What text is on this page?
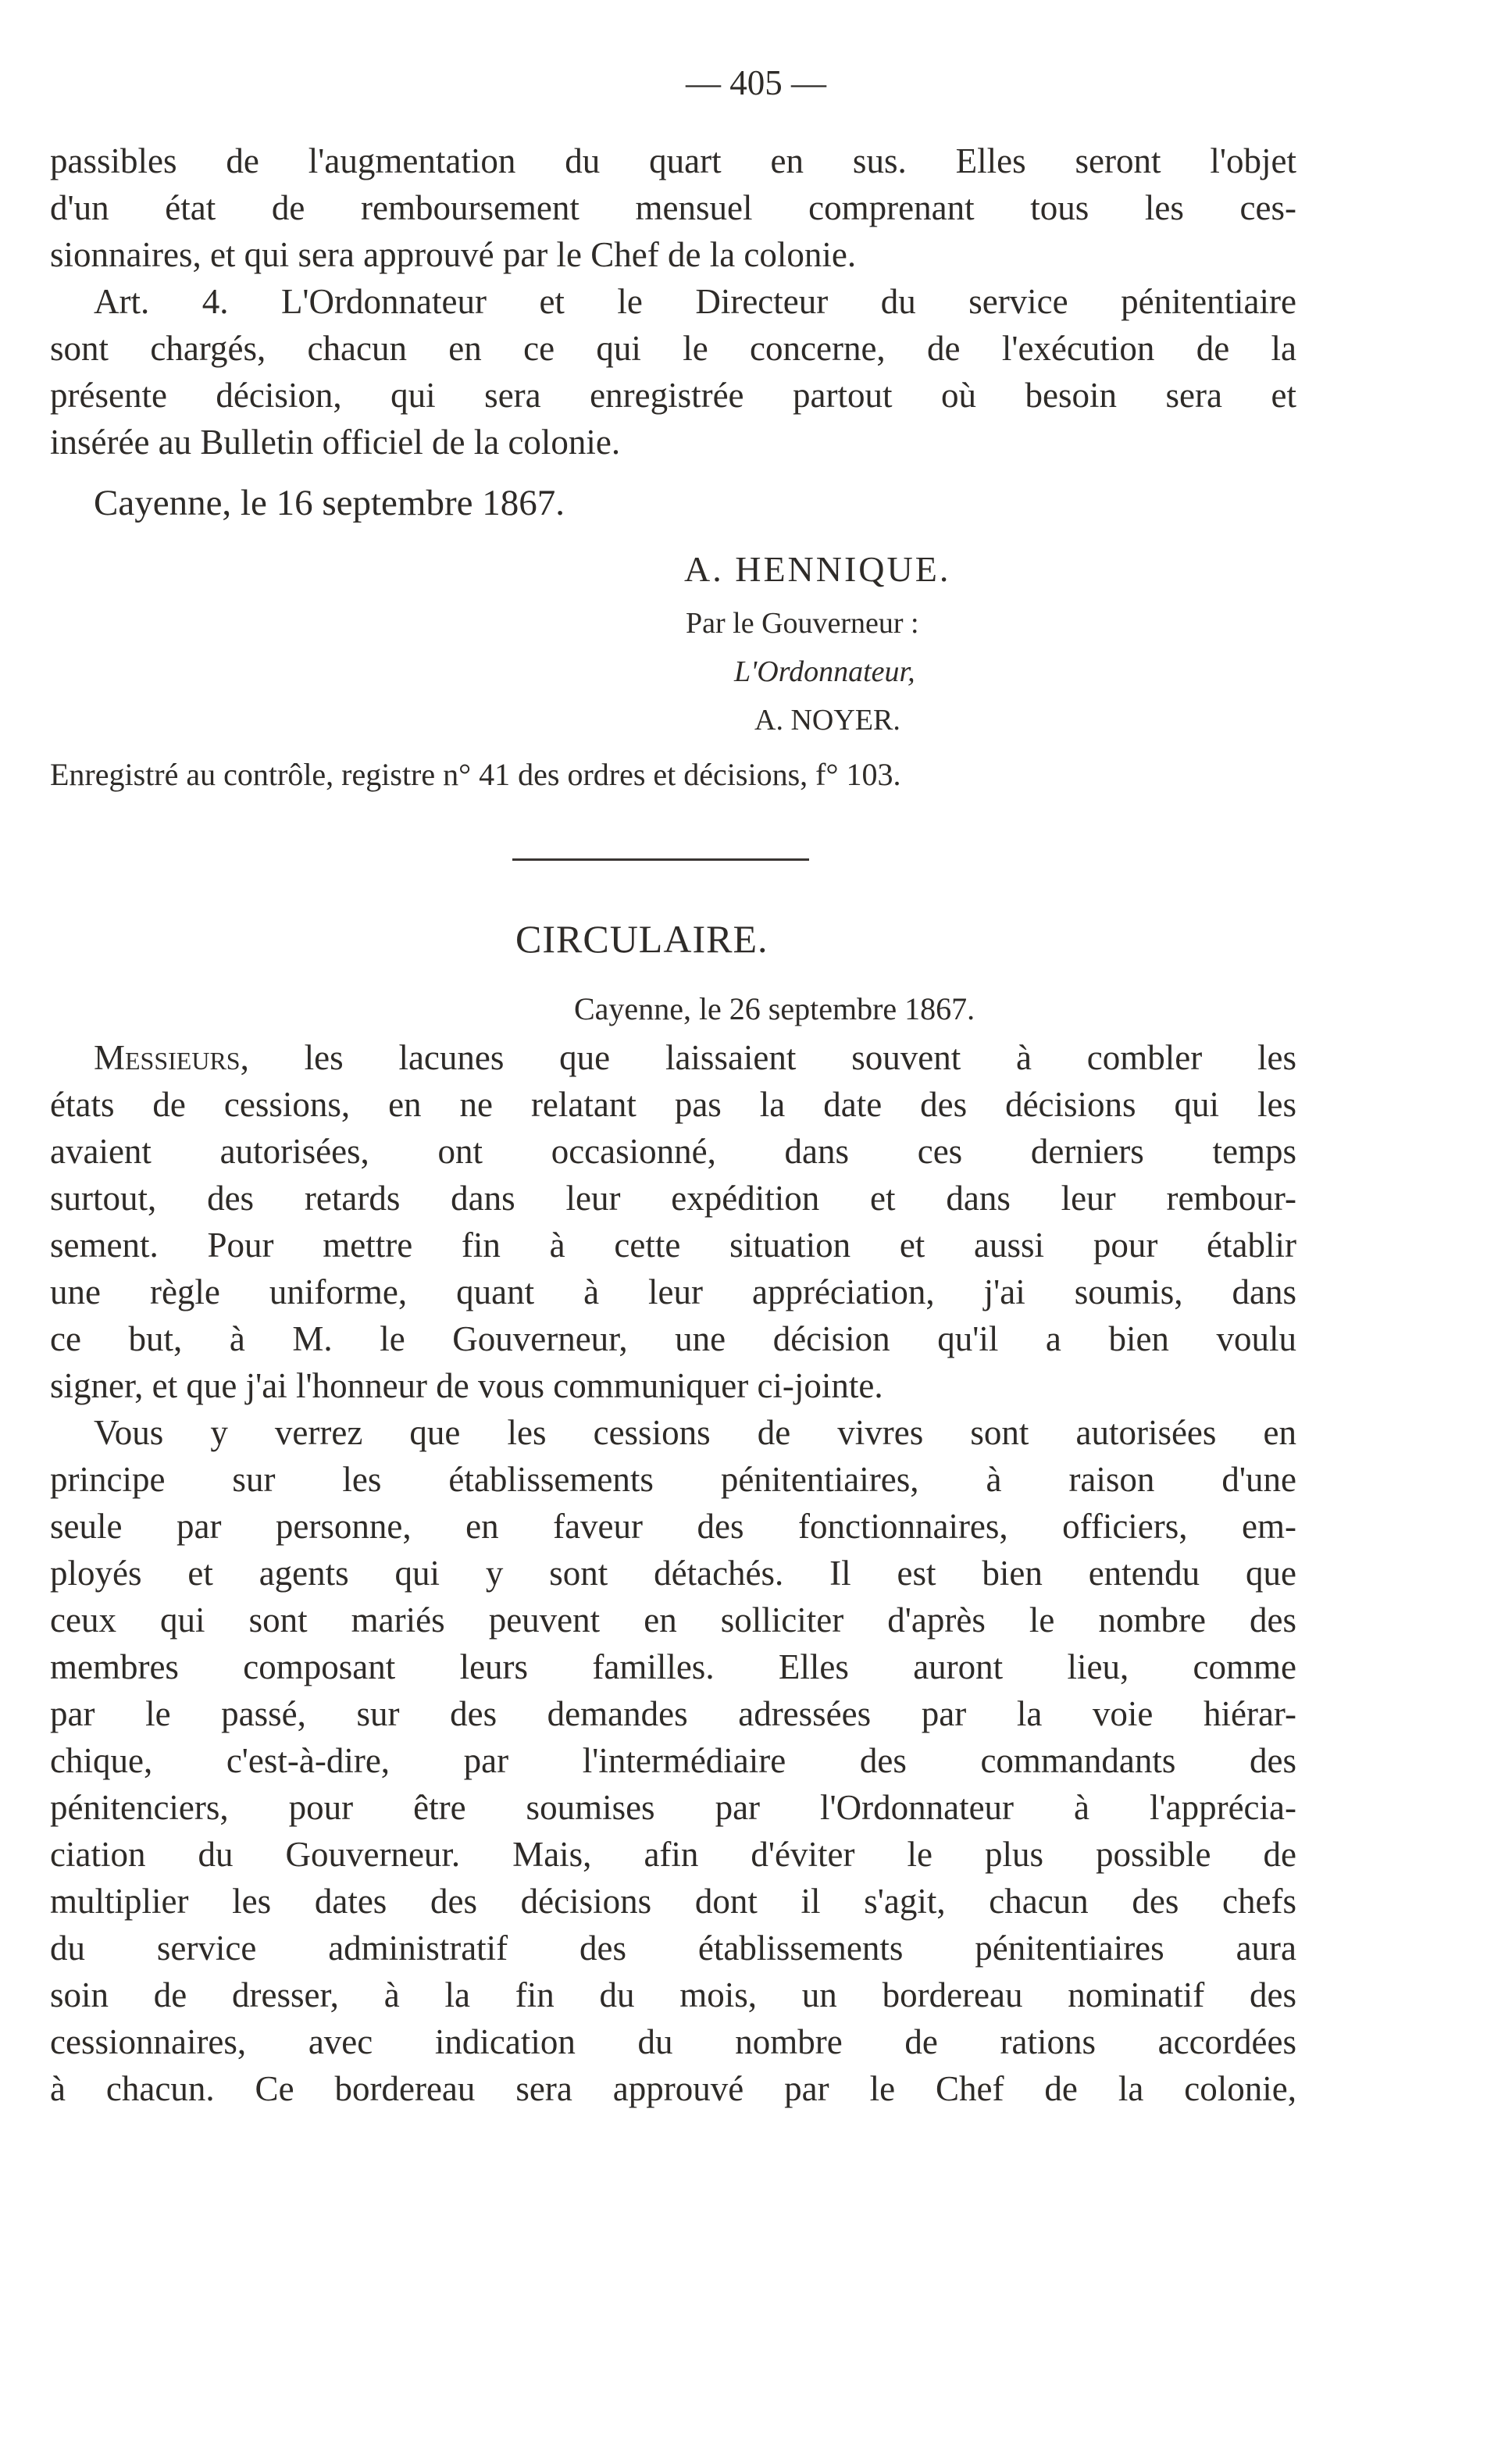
— 405 —
passibles de l'augmentation du quart en sus. Elles seront l'objet
d'un état de remboursement mensuel comprenant tous les ces-
sionnaires, et qui sera approuvé par le Chef de la colonie.
Art. 4. L'Ordonnateur et le Directeur du service pénitentiaire
sont chargés, chacun en ce qui le concerne, de l'exécution de la
présente décision, qui sera enregistrée partout où besoin sera et
insérée au Bulletin officiel de la colonie.
Cayenne, le 16 septembre 1867.
A. HENNIQUE.
Par le Gouverneur :
L'Ordonnateur,
A. NOYER.
Enregistré au contrôle, registre n° 41 des ordres et décisions, f° 103.
CIRCULAIRE.
Cayenne, le 26 septembre 1867.
Messieurs , les lacunes que laissaient souvent à combler les
états de cessions, en ne relatant pas la date des décisions qui les
avaient autorisées, ont occasionné, dans ces derniers temps
surtout, des retards dans leur expédition et dans leur rembour-
sement. Pour mettre fin à cette situation et aussi pour établir
une règle uniforme, quant à leur appréciation, j'ai soumis, dans
ce but, à M. le Gouverneur, une décision qu'il a bien voulu
signer, et que j'ai l'honneur de vous communiquer ci-jointe.
Vous y verrez que les cessions de vivres sont autorisées en
principe sur les établissements pénitentiaires, à raison d'une
seule par personne, en faveur des fonctionnaires, officiers, em-
ployés et agents qui y sont détachés. Il est bien entendu que
ceux qui sont mariés peuvent en solliciter d'après le nombre des
membres composant leurs familles. Elles auront lieu, comme
par le passé, sur des demandes adressées par la voie hiérar-
chique, c'est-à-dire, par l'intermédiaire des commandants des
pénitenciers, pour être soumises par l'Ordonnateur à l'apprécia-
ciation du Gouverneur. Mais, afin d'éviter le plus possible de
multiplier les dates des décisions dont il s'agit, chacun des chefs
du service administratif des établissements pénitentiaires aura
soin de dresser, à la fin du mois, un bordereau nominatif des
cessionnaires, avec indication du nombre de rations accordées
à chacun. Ce bordereau sera approuvé par le Chef de la colonie,
